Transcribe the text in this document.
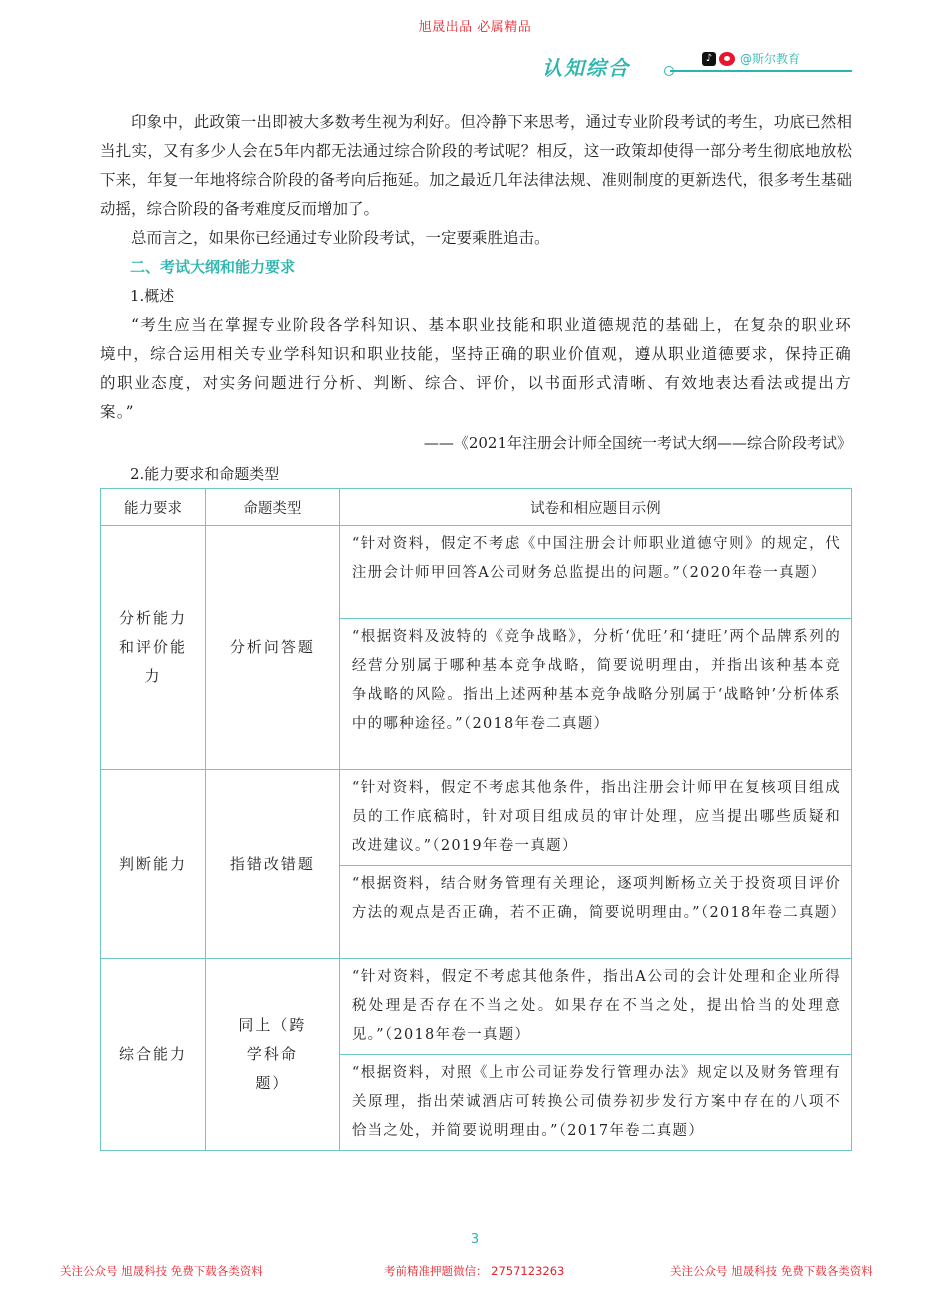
旭晟出品 必属精品
认知综合	♪	@斯尔教育

印象中，此政策一出即被大多数考生视为利好。但冷静下来思考，通过专业阶段考试的考生，功底已然相当扎实，又有多少人会在5年内都无法通过综合阶段的考试呢？相反，这一政策却使得一部分考生彻底地放松下来，年复一年地将综合阶段的备考向后拖延。加之最近几年法律法规、准则制度的更新迭代，很多考生基础动摇，综合阶段的备考难度反而增加了。

总而言之，如果你已经通过专业阶段考试，一定要乘胜追击。

二、考试大纲和能力要求
1.概述
“考生应当在掌握专业阶段各学科知识、基本职业技能和职业道德规范的基础上，在复杂的职业环境中，综合运用相关专业学科知识和职业技能，坚持正确的职业价值观，遵从职业道德要求，保持正确的职业态度，对实务问题进行分析、判断、综合、评价，以书面形式清晰、有效地表达看法或提出方案。”
——《2021年注册会计师全国统一考试大纲——综合阶段考试》
2.能力要求和命题类型
能力要求	命题类型	试卷和相应题目示例
分析能力和评价能力	分析问答题	“针对资料，假定不考虑《中国注册会计师职业道德守则》的规定，代注册会计师甲回答A公司财务总监提出的问题。”（2020年卷一真题）
		“根据资料及波特的《竞争战略》，分析‘优旺’和‘捷旺’两个品牌系列的经营分别属于哪种基本竞争战略，简要说明理由，并指出该种基本竞争战略的风险。指出上述两种基本竞争战略分别属于‘战略钟’分析体系中的哪种途径。”（2018年卷二真题）
判断能力	指错改错题	“针对资料，假定不考虑其他条件，指出注册会计师甲在复核项目组成员的工作底稿时，针对项目组成员的审计处理，应当提出哪些质疑和改进建议。”（2019年卷一真题）
		“根据资料，结合财务管理有关理论，逐项判断杨立关于投资项目评价方法的观点是否正确，若不正确，简要说明理由。”（2018年卷二真题）
综合能力	同上（跨学科命题）	“针对资料，假定不考虑其他条件，指出A公司的会计处理和企业所得税处理是否存在不当之处。如果存在不当之处，提出恰当的处理意见。”（2018年卷一真题）
		“根据资料，对照《上市公司证券发行管理办法》规定以及财务管理有关原理，指出荣诚酒店可转换公司债券初步发行方案中存在的八项不恰当之处，并简要说明理由。”（2017年卷二真题）
3
关注公众号 旭晟科技 免费下载各类资料	考前精准押题微信： 2757123263	关注公众号 旭晟科技 免费下载各类资料
